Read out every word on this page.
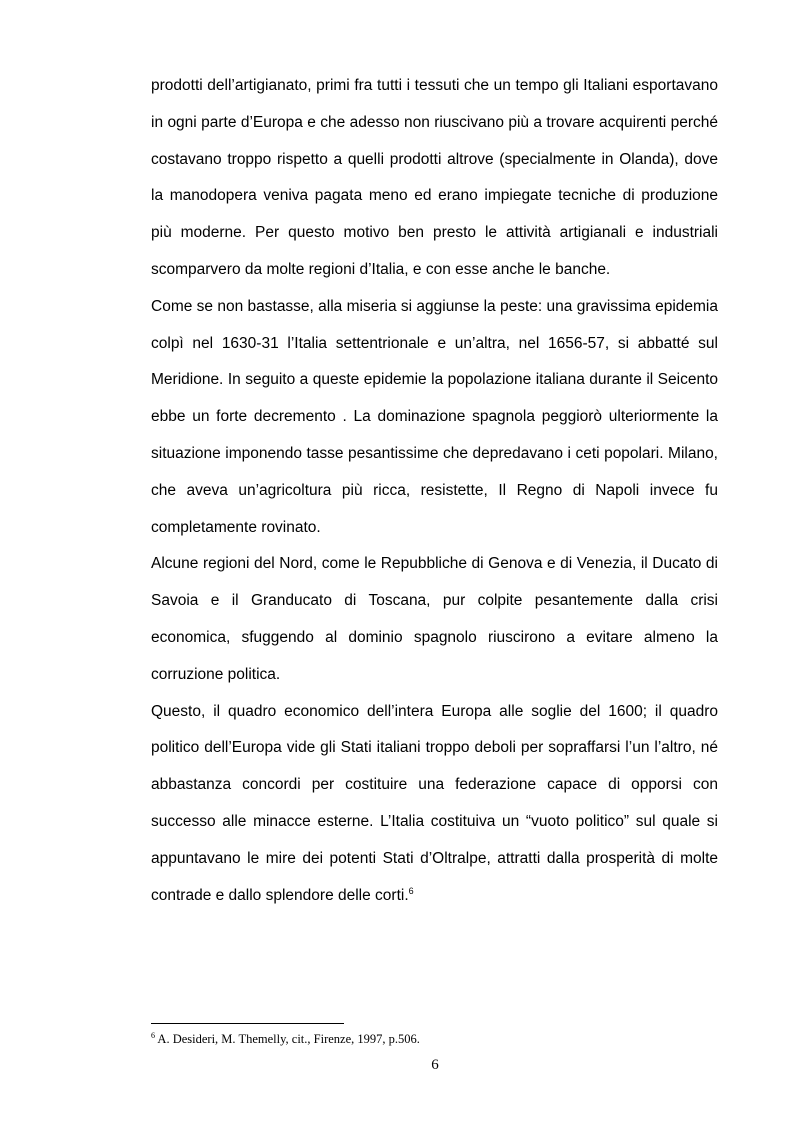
prodotti dell’artigianato, primi fra tutti i tessuti che un tempo gli Italiani esportavano in ogni parte d’Europa e che adesso non riuscivano più a trovare acquirenti perché costavano troppo rispetto a quelli prodotti altrove (specialmente in Olanda), dove la manodopera veniva pagata meno ed erano impiegate tecniche di produzione più moderne. Per questo motivo ben presto le attività artigianali e industriali scomparvero da molte regioni d’Italia, e con esse anche le banche.

Come se non bastasse, alla miseria si aggiunse la peste: una gravissima epidemia colpì nel 1630-31 l’Italia settentrionale e un’altra, nel 1656-57, si abbatté sul Meridione. In seguito a queste epidemie la popolazione italiana durante il Seicento ebbe un forte decremento . La dominazione spagnola peggiorò ulteriormente la situazione imponendo tasse pesantissime che depredavano i ceti popolari. Milano, che aveva un’agricoltura più ricca, resistette, Il Regno di Napoli invece fu completamente rovinato.

Alcune regioni del Nord, come le Repubbliche di Genova e di Venezia, il Ducato di Savoia e il Granducato di Toscana, pur colpite pesantemente dalla crisi economica, sfuggendo al dominio spagnolo riuscirono a evitare almeno la corruzione politica.

Questo, il quadro economico dell’intera Europa alle soglie del 1600; il quadro politico dell’Europa vide gli Stati italiani troppo deboli per sopraffarsi l’un l’altro, né abbastanza concordi per costituire una federazione capace di opporsi con successo alle minacce esterne. L’Italia costituiva un “vuoto politico” sul quale si appuntavano le mire dei potenti Stati d’Oltralpe, attratti dalla prosperità di molte contrade e dallo splendore delle corti.$^6$

$^6$ A. Desideri, M. Themelly, cit., Firenze, 1997, p.506.
6
